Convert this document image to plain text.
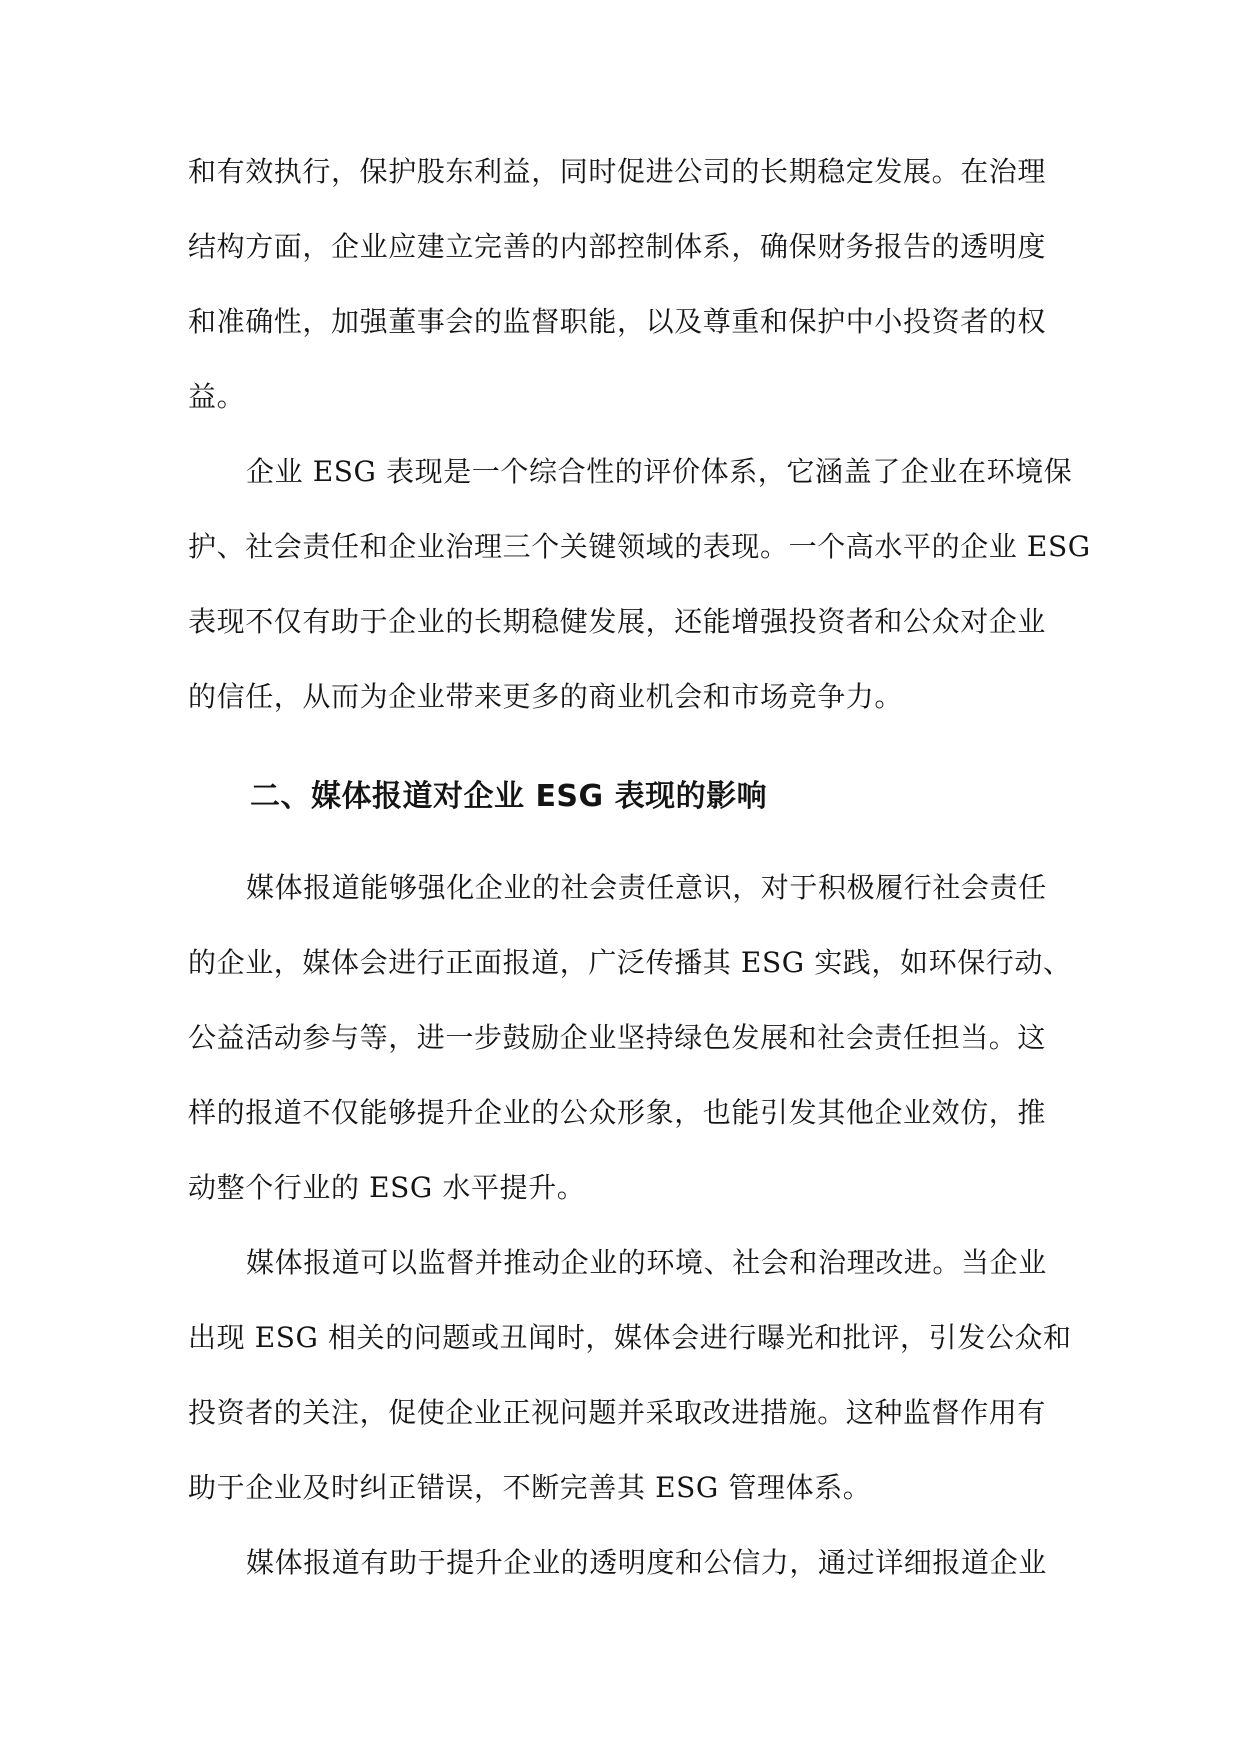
和有效执行，保护股东利益，同时促进公司的长期稳定发展。在治理
结构方面，企业应建立完善的内部控制体系，确保财务报告的透明度
和准确性，加强董事会的监督职能，以及尊重和保护中小投资者的权
益。
企业 ESG 表现是一个综合性的评价体系，它涵盖了企业在环境保
护、社会责任和企业治理三个关键领域的表现。一个高水平的企业 ESG
表现不仅有助于企业的长期稳健发展，还能增强投资者和公众对企业
的信任，从而为企业带来更多的商业机会和市场竞争力。
二、媒体报道对企业 ESG 表现的影响
媒体报道能够强化企业的社会责任意识，对于积极履行社会责任
的企业，媒体会进行正面报道，广泛传播其 ESG 实践，如环保行动、
公益活动参与等，进一步鼓励企业坚持绿色发展和社会责任担当。这
样的报道不仅能够提升企业的公众形象，也能引发其他企业效仿，推
动整个行业的 ESG 水平提升。
媒体报道可以监督并推动企业的环境、社会和治理改进。当企业
出现 ESG 相关的问题或丑闻时，媒体会进行曝光和批评，引发公众和
投资者的关注，促使企业正视问题并采取改进措施。这种监督作用有
助于企业及时纠正错误，不断完善其 ESG 管理体系。
媒体报道有助于提升企业的透明度和公信力，通过详细报道企业
